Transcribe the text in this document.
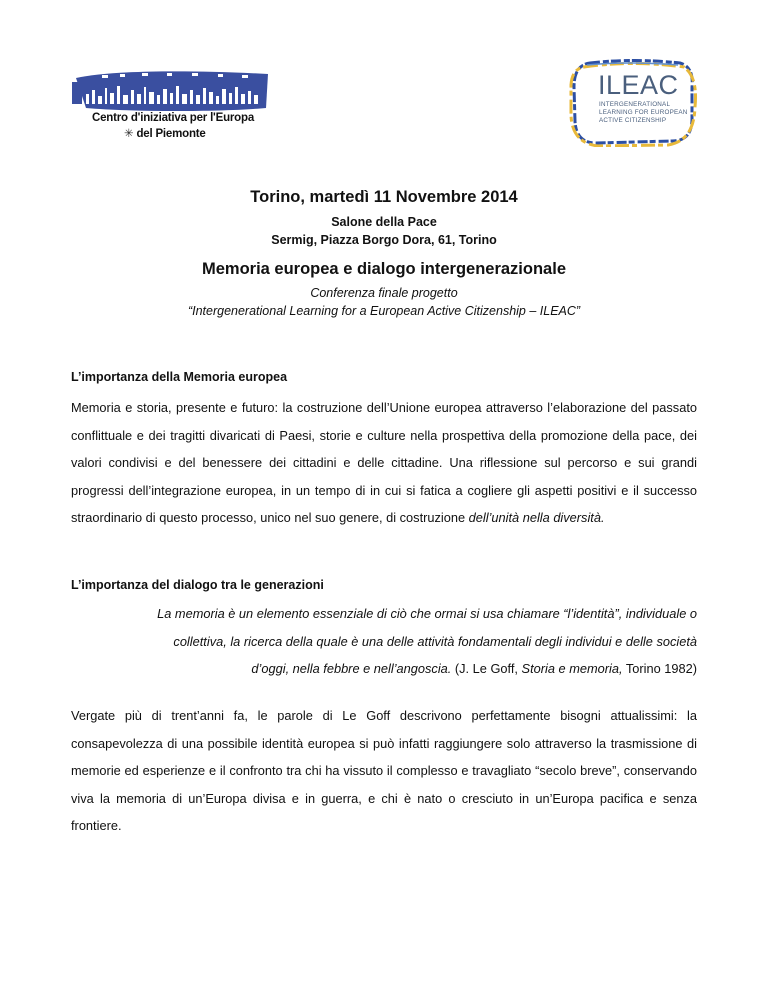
Centro d'iniziativa per l'Europa
✳ del Piemonte
ILEAC
INTERGENERATIONAL
LEARNING FOR EUROPEAN
ACTIVE CITIZENSHIP
Torino, martedì 11 Novembre 2014
Salone della Pace
Sermig, Piazza Borgo Dora, 61, Torino
Memoria europea e dialogo intergenerazionale
Conferenza finale progetto
“Intergenerational Learning for a European Active Citizenship – ILEAC”
L’importanza della Memoria europea
Memoria e storia, presente e futuro: la costruzione dell’Unione europea attraverso l’elaborazione del passato conflittuale e dei tragitti divaricati di Paesi, storie e culture nella prospettiva della promozione della pace, dei valori condivisi e del benessere dei cittadini e delle cittadine. Una riflessione sul percorso e sui grandi progressi dell’integrazione europea, in un tempo di in cui si fatica a cogliere gli aspetti positivi e il successo straordinario di questo processo, unico nel suo genere, di costruzione dell’unità nella diversità.
L’importanza del dialogo tra le generazioni
La memoria è un elemento essenziale di ciò che ormai si usa chiamare “l’identità”, individuale o
collettiva, la ricerca della quale è una delle attività fondamentali degli individui e delle società
d’oggi, nella febbre e nell’angoscia. (J. Le Goff, Storia e memoria, Torino 1982)
Vergate più di trent’anni fa, le parole di Le Goff descrivono perfettamente bisogni attualissimi: la consapevolezza di una possibile identità europea si può infatti raggiungere solo attraverso la trasmissione di memorie ed esperienze e il confronto tra chi ha vissuto il complesso e travagliato “secolo breve”, conservando viva la memoria di un’Europa divisa e in guerra, e chi è nato o cresciuto in un’Europa pacifica e senza frontiere.
